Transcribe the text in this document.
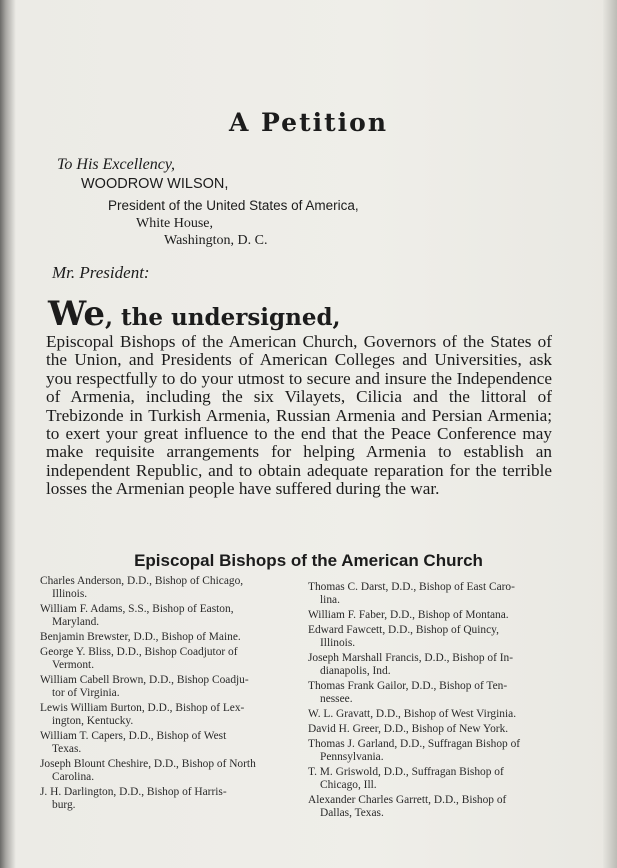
A Petition
To His Excellency,
WOODROW WILSON,
President of the United States of America,
White House,
Washington, D. C.
Mr. President:
We, the undersigned,
Episcopal Bishops of the American Church, Governors of the States of the Union, and Presidents of American Colleges and Universities, ask you respectfully to do your utmost to secure and insure the Independence of Armenia, including the six Vilayets, Cilicia and the littoral of Trebizonde in Turkish Armenia, Russian Armenia and Persian Armenia; to exert your great influence to the end that the Peace Conference may make requisite arrangements for helping Armenia to establish an independent Republic, and to obtain adequate reparation for the terrible losses the Armenian people have suffered during the war.
Episcopal Bishops of the American Church
Charles Anderson, D.D., Bishop of Chicago,
Illinois.
William F. Adams, S.S., Bishop of Easton,
Maryland.
Benjamin Brewster, D.D., Bishop of Maine.
George Y. Bliss, D.D., Bishop Coadjutor of
Vermont.
William Cabell Brown, D.D., Bishop Coadju-
tor of Virginia.
Lewis William Burton, D.D., Bishop of Lex-
ington, Kentucky.
William T. Capers, D.D., Bishop of West
Texas.
Joseph Blount Cheshire, D.D., Bishop of North
Carolina.
J. H. Darlington, D.D., Bishop of Harris-
burg.
Thomas C. Darst, D.D., Bishop of East Caro-
lina.
William F. Faber, D.D., Bishop of Montana.
Edward Fawcett, D.D., Bishop of Quincy,
Illinois.
Joseph Marshall Francis, D.D., Bishop of In-
dianapolis, Ind.
Thomas Frank Gailor, D.D., Bishop of Ten-
nessee.
W. L. Gravatt, D.D., Bishop of West Virginia.
David H. Greer, D.D., Bishop of New York.
Thomas J. Garland, D.D., Suffragan Bishop of
Pennsylvania.
T. M. Griswold, D.D., Suffragan Bishop of
Chicago, Ill.
Alexander Charles Garrett, D.D., Bishop of
Dallas, Texas.
